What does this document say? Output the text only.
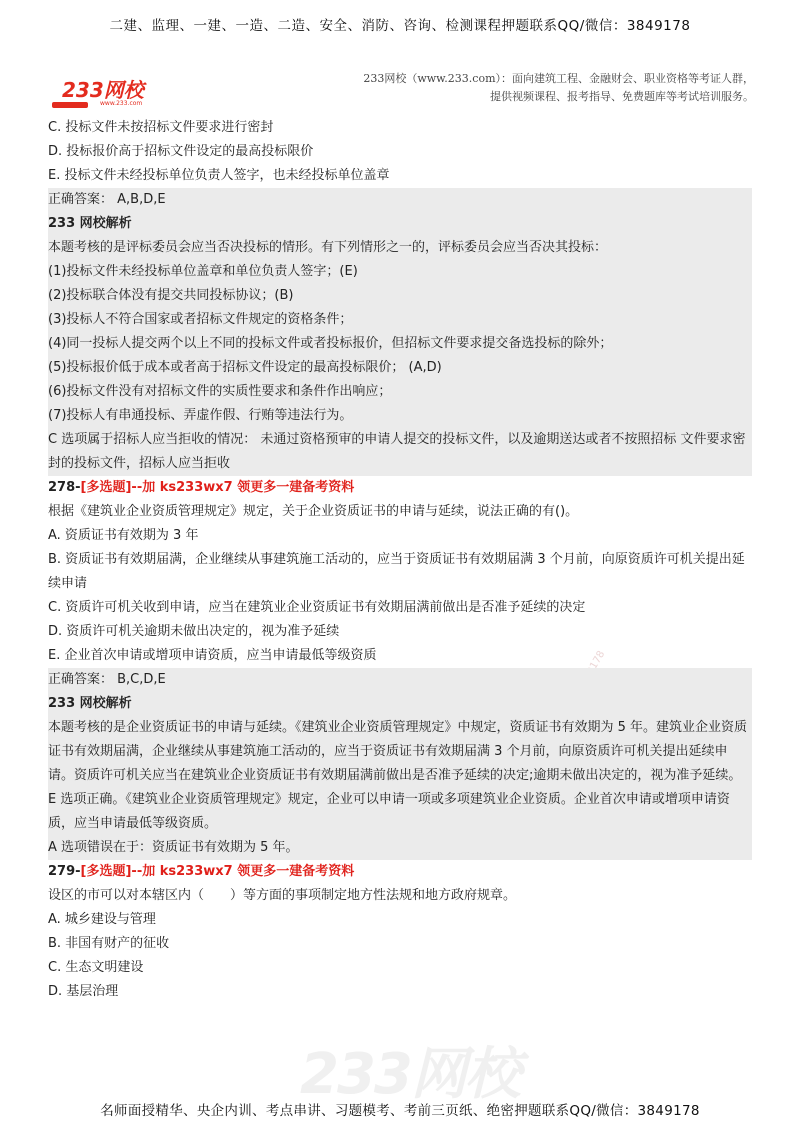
二建、监理、一建、一造、二造、安全、消防、咨询、检测课程押题联系QQ/微信：3849178
233网校
www.233.com
233网校（www.233.com）：面向建筑工程、金融财会、职业资格等考证人群，
提供视频课程、报考指导、免费题库等考试培训服务。
C. 投标文件未按招标文件要求进行密封
D. 投标报价高于招标文件设定的最高投标限价
E. 投标文件未经投标单位负责人签字，也未经投标单位盖章
正确答案： A,B,D,E
233 网校解析
本题考核的是评标委员会应当否决投标的情形。有下列情形之一的，评标委员会应当否决其投标：
(1)投标文件未经投标单位盖章和单位负责人签字；(E)
(2)投标联合体没有提交共同投标协议；(B)
(3)投标人不符合国家或者招标文件规定的资格条件；
(4)同一投标人提交两个以上不同的投标文件或者投标报价，但招标文件要求提交备选投标的除外；
(5)投标报价低于成本或者高于招标文件设定的最高投标限价； (A,D)
(6)投标文件没有对招标文件的实质性要求和条件作出响应；
(7)投标人有串通投标、弄虚作假、行贿等违法行为。
C 选项属于招标人应当拒收的情况： 未通过资格预审的申请人提交的投标文件，以及逾期送达或者不按照招标 文件要求密封的投标文件，招标人应当拒收
278-[多选题]--加 ks233wx7 领更多一建备考资料
根据《建筑业企业资质管理规定》规定，关于企业资质证书的申请与延续，说法正确的有()。
A. 资质证书有效期为 3 年
B. 资质证书有效期届满，企业继续从事建筑施工活动的，应当于资质证书有效期届满 3 个月前，向原资质许可机关提出延续申请
C. 资质许可机关收到申请，应当在建筑业企业资质证书有效期届满前做出是否准予延续的决定
D. 资质许可机关逾期未做出决定的，视为准予延续
E. 企业首次申请或增项申请资质，应当申请最低等级资质
正确答案： B,C,D,E
233 网校解析
本题考核的是企业资质证书的申请与延续。《建筑业企业资质管理规定》中规定，资质证书有效期为 5 年。建筑业企业资质证书有效期届满，企业继续从事建筑施工活动的，应当于资质证书有效期届满 3 个月前，向原资质许可机关提出延续申请。资质许可机关应当在建筑业企业资质证书有效期届满前做出是否准予延续的决定;逾期未做出决定的，视为准予延续。
E 选项正确。《建筑业企业资质管理规定》规定，企业可以申请一项或多项建筑业企业资质。企业首次申请或增项申请资质，应当申请最低等级资质。
A 选项错误在于：资质证书有效期为 5 年。
279-[多选题]--加 ks233wx7 领更多一建备考资料
设区的市可以对本辖区内（　　）等方面的事项制定地方性法规和地方政府规章。
A. 城乡建设与管理
B. 非国有财产的征收
C. 生态文明建设
D. 基层治理
233网校
名师面授精华、央企内训、考点串讲、习题模考、考前三页纸、绝密押题联系QQ/微信：3849178
